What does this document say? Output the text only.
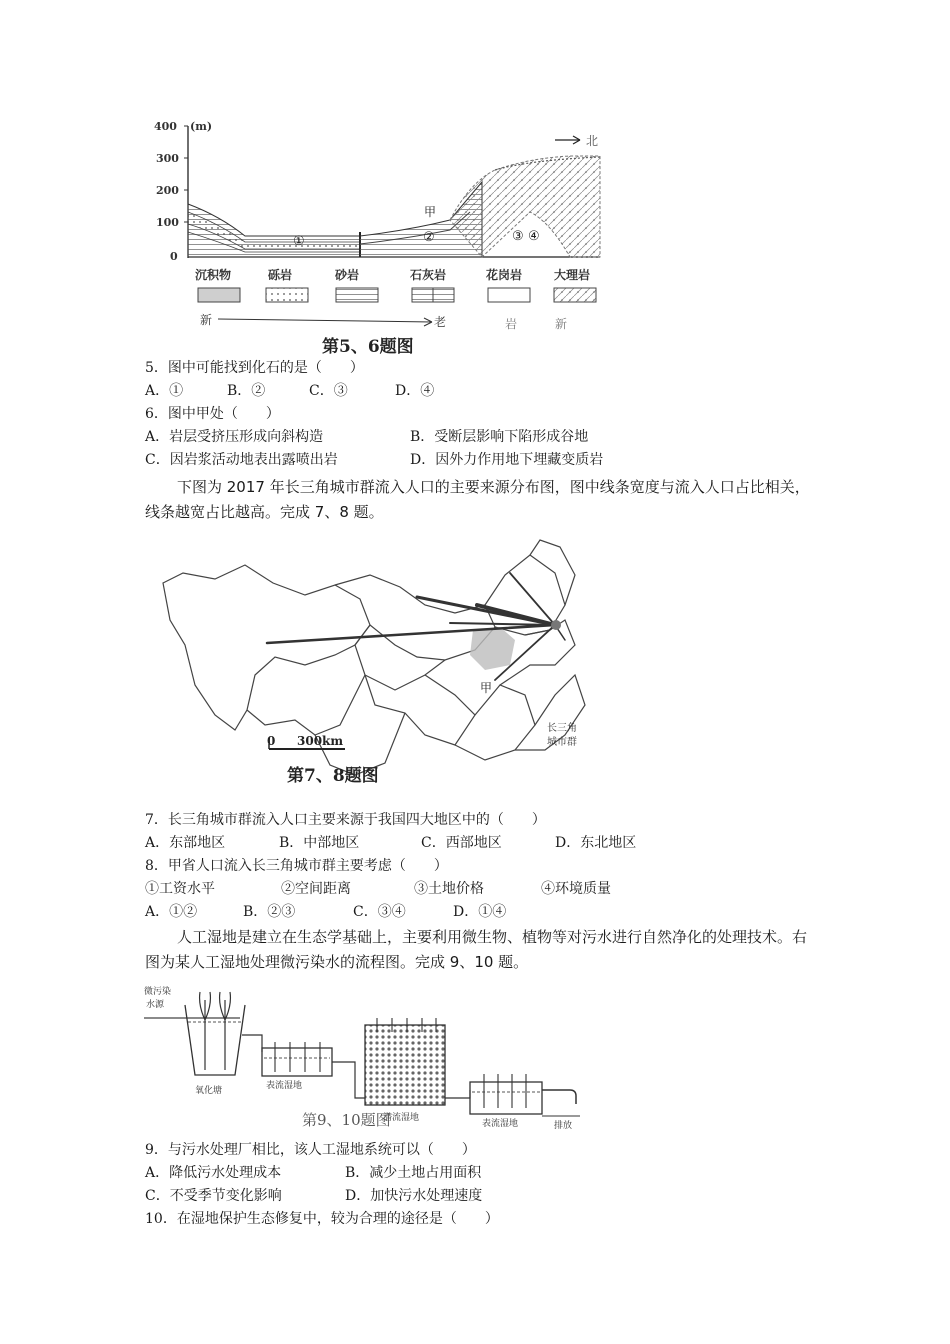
400
300
200
100
0
(m)
①	②	③ ④
甲
北
沉积物	砾岩	砂岩	石灰岩	花岗岩	大理岩
新	老	岩	新
第5、6题图
5．图中可能找到化石的是（　　）
A．①	B．②	C．③	D．④
6．图中甲处（　　）
A．岩层受挤压形成向斜构造	B．受断层影响下陷形成谷地
C．因岩浆活动地表出露喷出岩	D．因外力作用地下埋藏变质岩
下图为 2017 年长三角城市群流入人口的主要来源分布图，图中线条宽度与流入人口占比相关，线条越宽占比越高。完成 7、8 题。
甲
长三角
城市群
0 300km
第7、8题图
7．长三角城市群流入人口主要来源于我国四大地区中的（　　）
A．东部地区	B．中部地区	C．西部地区	D．东北地区
8．甲省人口流入长三角城市群主要考虑（　　）
①工资水平	②空间距离	③土地价格	④环境质量
A．①②	B．②③	C．③④	D．①④
人工湿地是建立在生态学基础上，主要利用微生物、植物等对污水进行自然净化的处理技术。右图为某人工湿地处理微污染水的流程图。完成 9、10 题。
微污染
水源
氧化塘	表流湿地
潜流湿地
表流湿地	排放
第9、10题图
9．与污水处理厂相比，该人工湿地系统可以（　　）
A．降低污水处理成本	B．减少土地占用面积
C．不受季节变化影响	D．加快污水处理速度
10．在湿地保护生态修复中，较为合理的途径是（　　）
